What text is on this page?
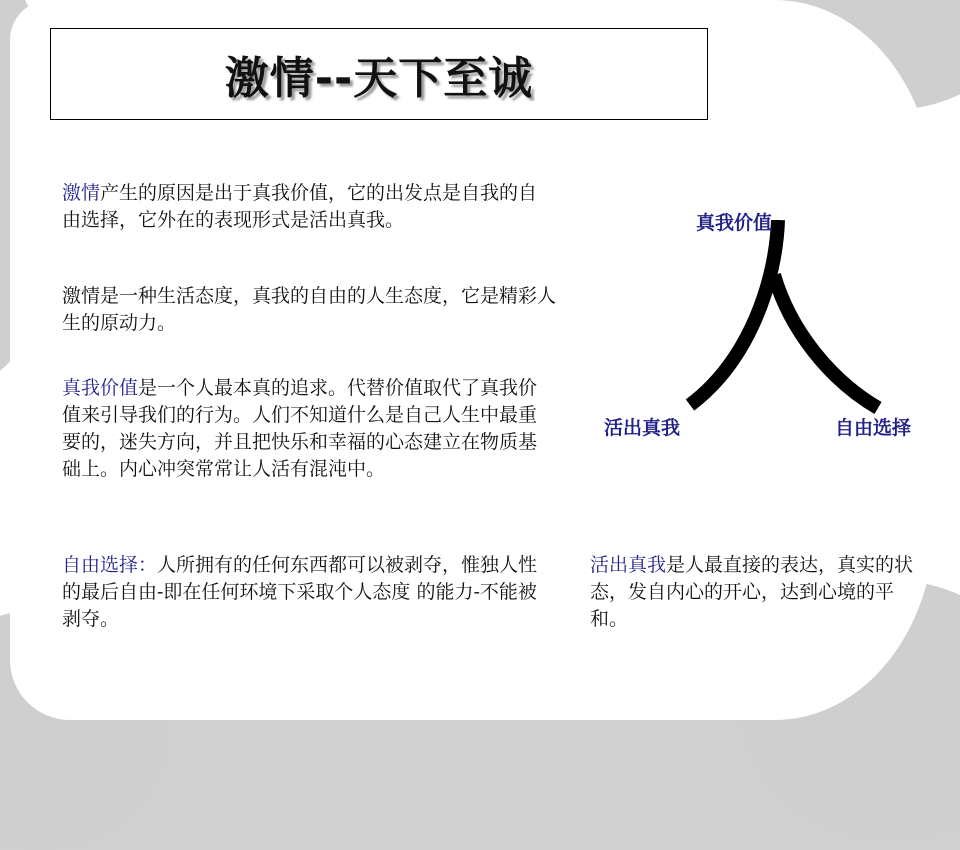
激情--天下至诚
激情产生的原因是出于真我价值，它的出发点是自我的自由选择，它外在的表现形式是活出真我。
激情是一种生活态度，真我的自由的人生态度，它是精彩人生的原动力。
真我价值是一个人最本真的追求。代替价值取代了真我价值来引导我们的行为。人们不知道什么是自己人生中最重要的，迷失方向，并且把快乐和幸福的心态建立在物质基础上。内心冲突常常让人活有混沌中。
自由选择：人所拥有的任何东西都可以被剥夺，惟独人性的最后自由-即在任何环境下采取个人态度 的能力-不能被剥夺。
活出真我是人最直接的表达，真实的状态，发自内心的开心，达到心境的平和。
真我价值
活出真我	自由选择
